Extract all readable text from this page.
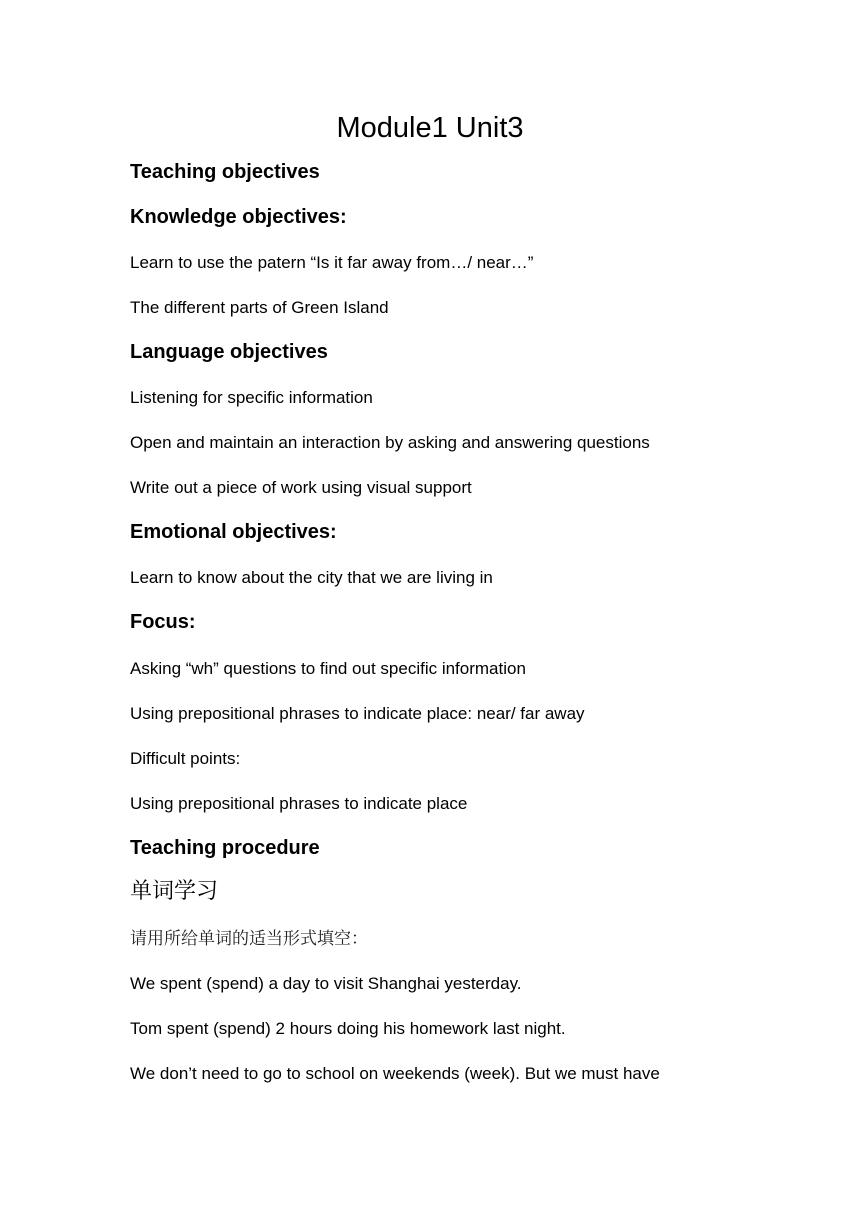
Module1 Unit3
Teaching objectives
Knowledge objectives:
Learn to use the patern “Is it far away from…/ near…”
The different parts of Green Island
Language objectives
Listening for specific information
Open and maintain an interaction by asking and answering questions
Write out a piece of work using visual support
Emotional objectives:
Learn to know about the city that we are living in
Focus:
Asking “wh” questions to find out specific information
Using prepositional phrases to indicate place: near/ far away
Difficult points:
Using prepositional phrases to indicate place
Teaching procedure
单词学习
请用所给单词的适当形式填空：
We spent (spend) a day to visit Shanghai yesterday.
Tom spent (spend) 2 hours doing his homework last night.
We don’t need to go to school on weekends (week). But we must have
